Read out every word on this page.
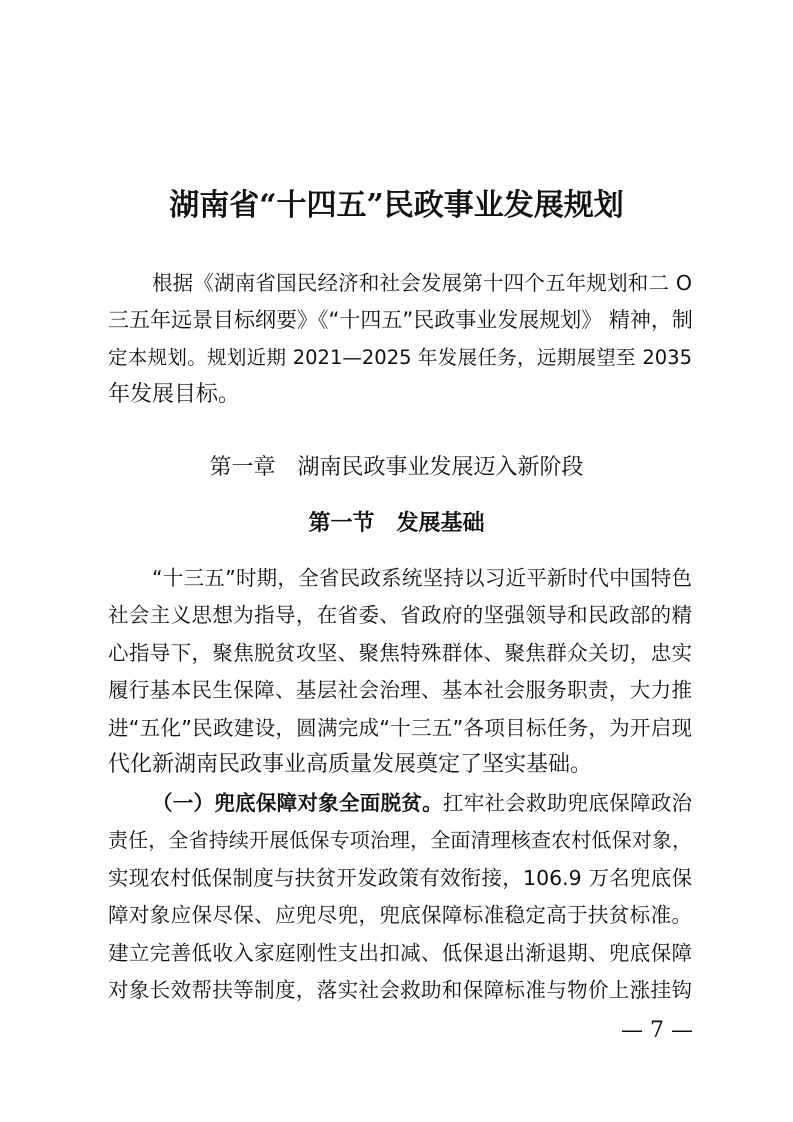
湖南省“十四五”民政事业发展规划
根据《湖南省国民经济和社会发展第十四个五年规划和二 O
三五年远景目标纲要》《“十四五”民政事业发展规划》 精神，制
定本规划。规划近期 2021—2025 年发展任务，远期展望至 2035
年发展目标。
第一章　湖南民政事业发展迈入新阶段
第一节　发展基础
“十三五”时期，全省民政系统坚持以习近平新时代中国特色
社会主义思想为指导，在省委、省政府的坚强领导和民政部的精
心指导下，聚焦脱贫攻坚、聚焦特殊群体、聚焦群众关切，忠实
履行基本民生保障、基层社会治理、基本社会服务职责，大力推
进“五化”民政建设，圆满完成“十三五”各项目标任务，为开启现
代化新湖南民政事业高质量发展奠定了坚实基础。
（一）兜底保障对象全面脱贫。扛牢社会救助兜底保障政治
责任，全省持续开展低保专项治理，全面清理核查农村低保对象，
实现农村低保制度与扶贫开发政策有效衔接，106.9 万名兜底保
障对象应保尽保、应兜尽兜，兜底保障标准稳定高于扶贫标准。
建立完善低收入家庭刚性支出扣减、低保退出渐退期、兜底保障
对象长效帮扶等制度，落实社会救助和保障标准与物价上涨挂钩
— 7 —
